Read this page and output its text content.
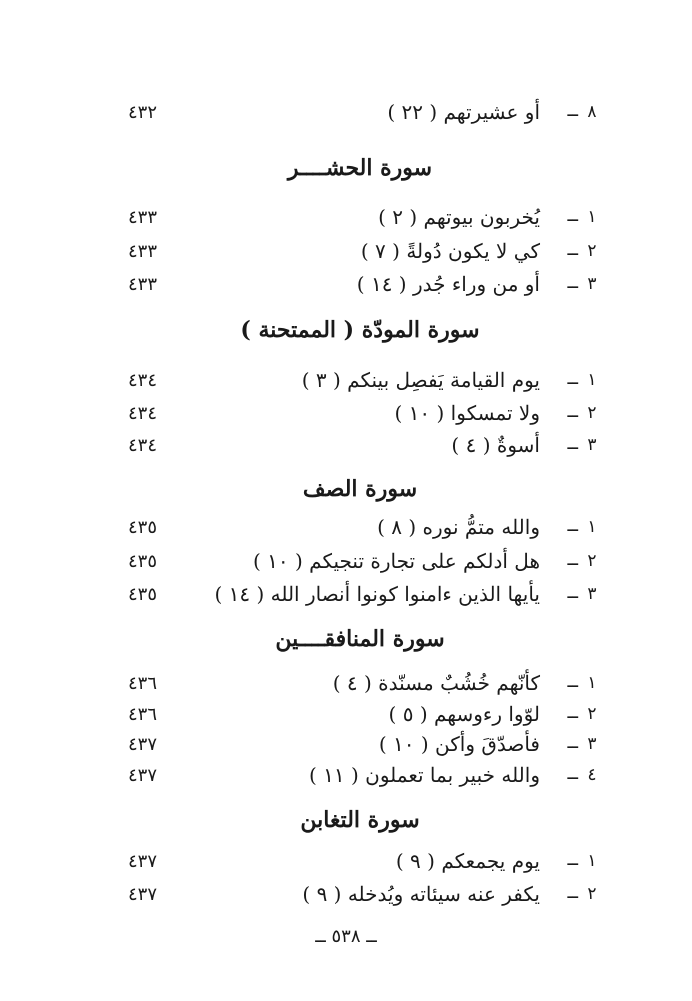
٨
ــ
أو عشيرتهم ( ٢٢ )
٤٣٢
سورة الحشــــر
١
ــ
يُخربون بيوتهم ( ٢ )
٤٣٣
٢
ــ
كي لا يكون دُولةً ( ٧ )
٤٣٣
٣
ــ
أو من وراء جُدر ( ١٤ )
٤٣٣
سورة المودّة ( الممتحنة )
١
ــ
يوم القيامة يَفصِل بينكم ( ٣ )
٤٣٤
٢
ــ
ولا تمسكوا ( ١٠ )
٤٣٤
٣
ــ
أسوةٌ ( ٤ )
٤٣٤
سورة الصف
١
ــ
والله متمُّ نوره ( ٨ )
٤٣٥
٢
ــ
هل أدلكم على تجارة تنجيكم ( ١٠ )
٤٣٥
٣
ــ
يأيها الذين ءامنوا كونوا أنصار الله ( ١٤ )
٤٣٥
سورة المنافقــــين
١
ــ
كأنّهم خُشُبٌ مسنّدة ( ٤ )
٤٣٦
٢
ــ
لوّوا رءوسهم ( ٥ )
٤٣٦
٣
ــ
فأصدّقَ وأكن ( ١٠ )
٤٣٧
٤
ــ
والله خبير بما تعملون ( ١١ )
٤٣٧
سورة التغابن
١
ــ
يوم يجمعكم ( ٩ )
٤٣٧
٢
ــ
يكفر عنه سيئاته ويُدخله ( ٩ )
٤٣٧
ــ ٥٣٨ ــ
